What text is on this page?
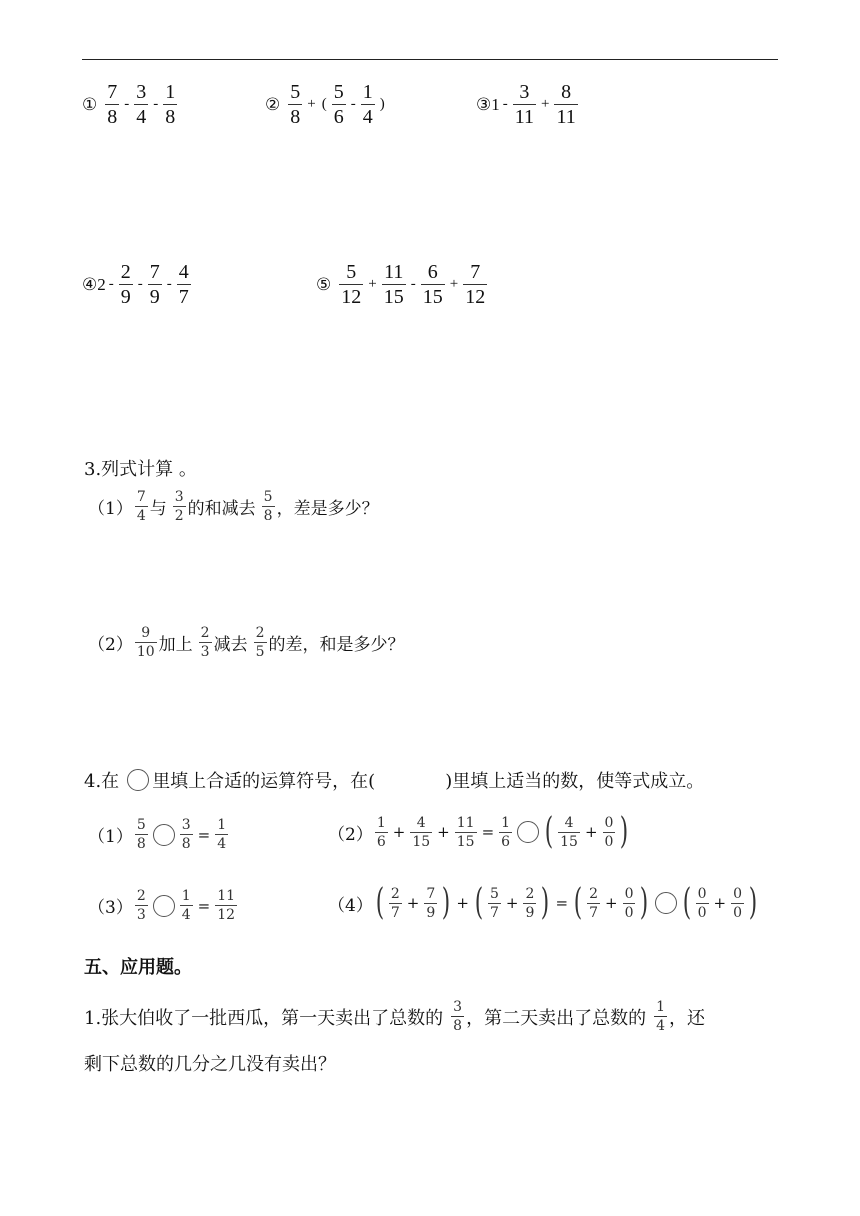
① $\frac{7}{8} - \frac{3}{4} - \frac{1}{8}$	② $\frac{5}{8}$ + ( $\frac{5}{6} - \frac{1}{4}$ )	③1 - $\frac{3}{11} + \frac{8}{11}$
④2 - $\frac{2}{9} - \frac{7}{9} - \frac{4}{7}$	⑤ $\frac{5}{12} + \frac{11}{15} - \frac{6}{15} + \frac{7}{12}$
3.列式计算 。
$(1) \frac{7}{4}$ 与 $\frac{3}{2}$ 的和减去 $\frac{5}{8}$ ，差是多少？
$(2) \frac{9}{10}$ 加上 $\frac{2}{3}$ 减去 $\frac{2}{5}$ 的差，和是多少？
4.在 里填上合适的运算符号，在(	)里填上适当的数，使等式成立。
$(1) \frac{5}{8} \frac{3}{8} = \frac{1}{4}$	$(2) \frac{1}{6} + \frac{4}{15} + \frac{11}{15} = \frac{1}{6}$ ( $\frac{4}{15} + \frac{0}{0}$ )
$(3) \frac{2}{3} \frac{1}{4} = \frac{11}{12}$	（4） ( $\frac{2}{7} + \frac{7}{9}$ ) + ( $\frac{5}{7} + \frac{2}{9}$ ) = ( $\frac{2}{7} + \frac{0}{0}$ ) ( $\frac{0}{0} + \frac{0}{0}$ )
五、应用题。
1.张大伯收了一批西瓜，第一天卖出了总数的 $\frac{3}{8}$ ，第二天卖出了总数的 $\frac{1}{4}$ ，还
剩下总数的几分之几没有卖出？
